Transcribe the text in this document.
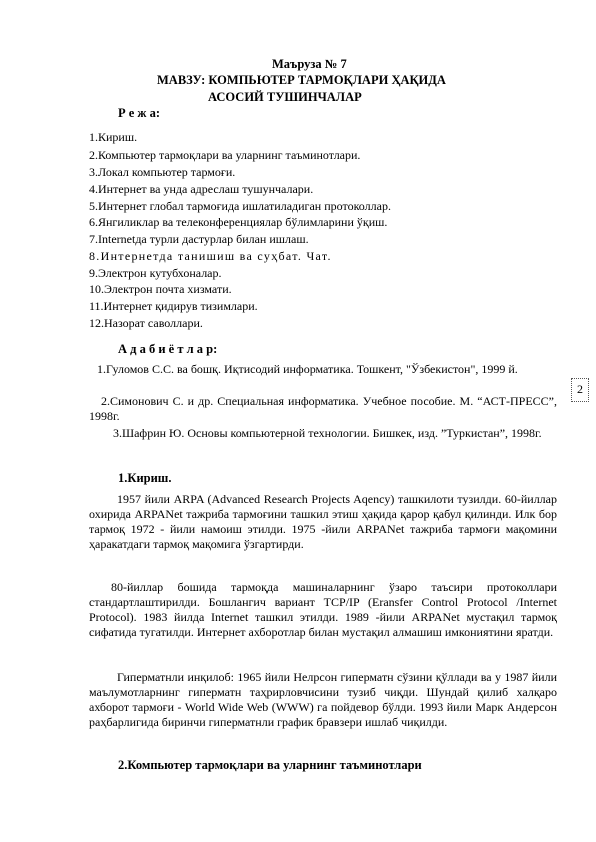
Маъруза № 7
МАВЗУ: КОМПЬЮТЕР ТАРМОҚЛАРИ ҲАҚИДА
АСОСИЙ ТУШИНЧАЛАР
Р е ж а:
1.Кириш.
2.Компьютер тармоқлари ва уларнинг таъминотлари.
3.Локал компьютер тармоғи.
4.Интернет ва унда адреслаш тушунчалари.
5.Интернет глобал тармоғида ишлатиладиган протоколлар.
6.Янгиликлар ва телеконференциялар бўлимларини ўқиш.
7.Internetда турли дастурлар билан ишлаш.
8.Интернетда танишиш ва суҳбат. Чат.
9.Электрон кутубхоналар.
10.Электрон почта хизмати.
11.Интернет қидирув тизимлари.
12.Назорат саволлари.
А д а б и ё т л а р:
1.Гуломов С.С. ва бошқ. Иқтисодий информатика. Тошкент, "Ўзбекистон", 1999 й.
2.Симонович С. и др. Специальная информатика. Учебное пособие. М. “АСТ-ПРЕСС”, 1998г.
3.Шафрин Ю. Основы компьютерной технологии. Бишкек, изд. ”Туркистан”, 1998г.
1.Кириш.
1957 йили ARPA (Advanced Research Projects Aqency) ташкилоти тузилди. 60-йиллар охирида ARPANet тажриба тармоғини ташкил этиш ҳақида қарор қабул қилинди. Илк бор тармоқ 1972 - йили намоиш этилди. 1975 -йили ARPANet тажриба тармоғи мақомини ҳаракатдаги тармоқ мақомига ўзгартирди.
80-йиллар бошида тармоқда машиналарнинг ўзаро таъсири протоколлари стандартлаштирилди. Бошлангич вариант TCP/IP (Eransfer Control Protocol /Internet Protocol). 1983 йилда Internet ташкил этилди. 1989 -йили ARPANet мустақил тармоқ сифатида тугатилди. Интернет ахборотлар билан мустақил алмашиш имкониятини яратди.
Гиперматнли инқилоб: 1965 йили Нелрсон гиперматн сўзини қўллади ва у 1987 йили маълумотларнинг гиперматн таҳрирловчисини тузиб чиқди. Шундай қилиб халқаро ахборот тармоғи - World Wide Web (WWW) га пойдевор бўлди. 1993 йили Марк Андерсон раҳбарлигида биринчи гиперматнли график бравзери ишлаб чиқилди.
2.Компьютер тармоқлари ва уларнинг таъминотлари
2
